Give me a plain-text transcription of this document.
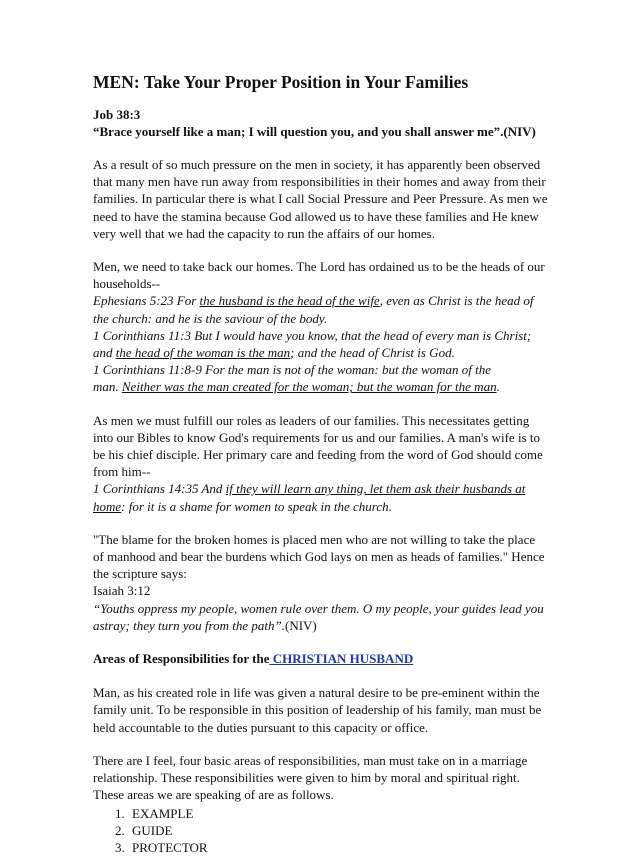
MEN: Take Your Proper Position in Your Families
Job 38:3
“Brace yourself like a man; I will question you, and you shall answer me”.(NIV)

As a result of so much pressure on the men in society, it has apparently been observed that many men have run away from responsibilities in their homes and away from their families. In particular there is what I call Social Pressure and Peer Pressure. As men we need to have the stamina because God allowed us to have these families and He knew very well that we had the capacity to run the affairs of our homes.

Men, we need to take back our homes. The Lord has ordained us to be the heads of our households--
Ephesians 5:23 For the husband is the head of the wife, even as Christ is the head of the church: and he is the saviour of the body.
1 Corinthians 11:3 But I would have you know, that the head of every man is Christ;
and the head of the woman is the man; and the head of Christ is God.
1 Corinthians 11:8-9 For the man is not of the woman: but the woman of the
man. Neither was the man created for the woman; but the woman for the man.

As men we must fulfill our roles as leaders of our families. This necessitates getting into our Bibles to know God's requirements for us and our families. A man's wife is to be his chief disciple. Her primary care and feeding from the word of God should come from him--
1 Corinthians 14:35 And if they will learn any thing, let them ask their husbands at home: for it is a shame for women to speak in the church.

"The blame for the broken homes is placed men who are not willing to take the place of manhood and bear the burdens which God lays on men as heads of families." Hence the scripture says:
Isaiah 3:12
“Youths oppress my people, women rule over them. O my people, your guides lead you astray; they turn you from the path”.(NIV)

Areas of Responsibilities for the CHRISTIAN HUSBAND

Man, as his created role in life was given a natural desire to be pre-eminent within the family unit. To be responsible in this position of leadership of his family, man must be held accountable to the duties pursuant to this capacity or office.

There are I feel, four basic areas of responsibilities, man must take on in a marriage relationship. These responsibilities were given to him by moral and spiritual right. These areas we are speaking of are as follows.

1. EXAMPLE
2. GUIDE
3. PROTECTOR
